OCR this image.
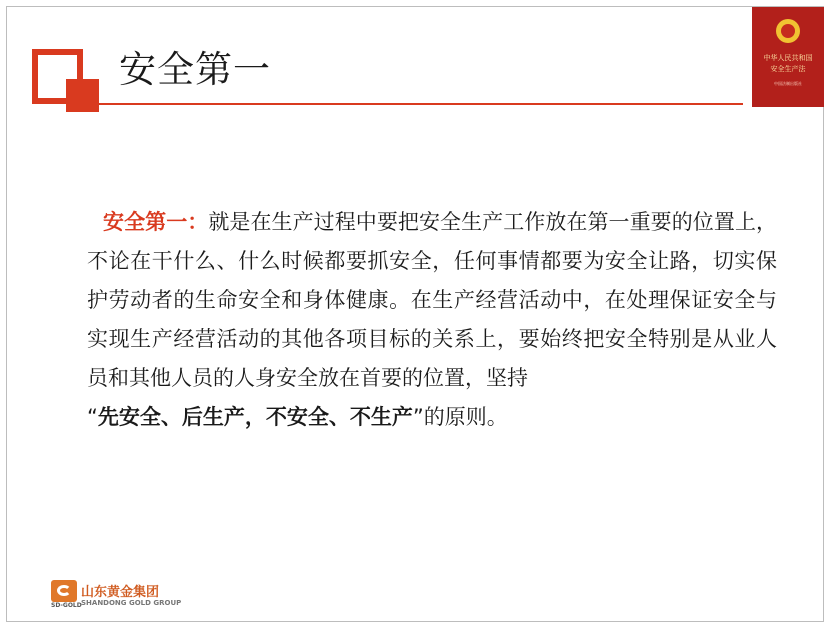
安全第一	中华人民共和国
安全生产法
中国法制出版社
安全第一：就是在生产过程中要把安全生产工作放在第一重要的位置上，不论在干什么、什么时候都要抓安全，任何事情都要为安全让路，切实保护劳动者的生命安全和身体健康。在生产经营活动中，在处理保证安全与实现生产经营活动的其他各项目标的关系上，要始终把安全特别是从业人员和其他人员的人身安全放在首要的位置，坚持
“先安全、后生产，不安全、不生产”的原则。
SD-GOLD
山东黄金集团
SHANDONG GOLD GROUP
